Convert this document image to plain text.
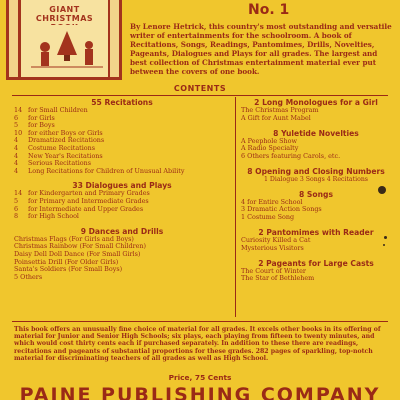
GIANT
CHRISTMAS
No. 1
By Lenore Hetrick, this country's most outstanding and versatile writer of entertainments for the schoolroom. A book of Recitations, Songs, Readings, Pantomimes, Drills, Novelties, Pageants, Dialogues and Plays for all grades. The largest and best collection of Christmas entertainment material ever put between the covers of one book.
CONTENTS
55 Recitations
14 for Small Children
6 for Girls
5 for Boys
10 for either Boys or Girls
4 Dramatized Recitations
4 Costume Recitations
4 New Year's Recitations
4 Serious Recitations
4 Long Recitations for Children of Unusual Ability
33 Dialogues and Plays
14 for Kindergarten and Primary Grades
5 for Primary and Intermediate Grades
6 for Intermediate and Upper Grades
8 for High School
9 Dances and Drills
Christmas Flags (For Girls and Boys)
Christmas Rainbow (For Small Children)
Daisy Dell Doll Dance (For Small Girls)
Poinsettia Drill (For Older Girls)
Santa's Soldiers (For Small Boys)
5 Others
2 Long Monologues for a Girl
The Christmas Program
A Gift for Aunt Mabel
8 Yuletide Novelties
A Peephole Show
A Radio Specialty
6 Others featuring Carols, etc.
8 Opening and Closing Numbers
1 Dialogue 3 Songs 4 Recitations
8 Songs
4 for Entire School
3 Dramatic Action Songs
1 Costume Song
2 Pantomimes with Reader
Curiosity Killed a Cat
Mysterious Visitors
2 Pageants for Large Casts
The Court of Winter
The Star of Bethlehem
This book offers an unusually fine choice of material for all grades. It excels other books in its offering of material for Junior and Senior High Schools; six plays, each playing from fifteen to twenty minutes, and which would cost thirty cents each if purchased separately. In addition to these there are readings, recitations and pageants of substantial proportions for these grades. 282 pages of sparkling, top-notch material for discriminating teachers of all grades as well as High School.
Price, 75 Cents
PAINE PUBLISHING COMPANY
